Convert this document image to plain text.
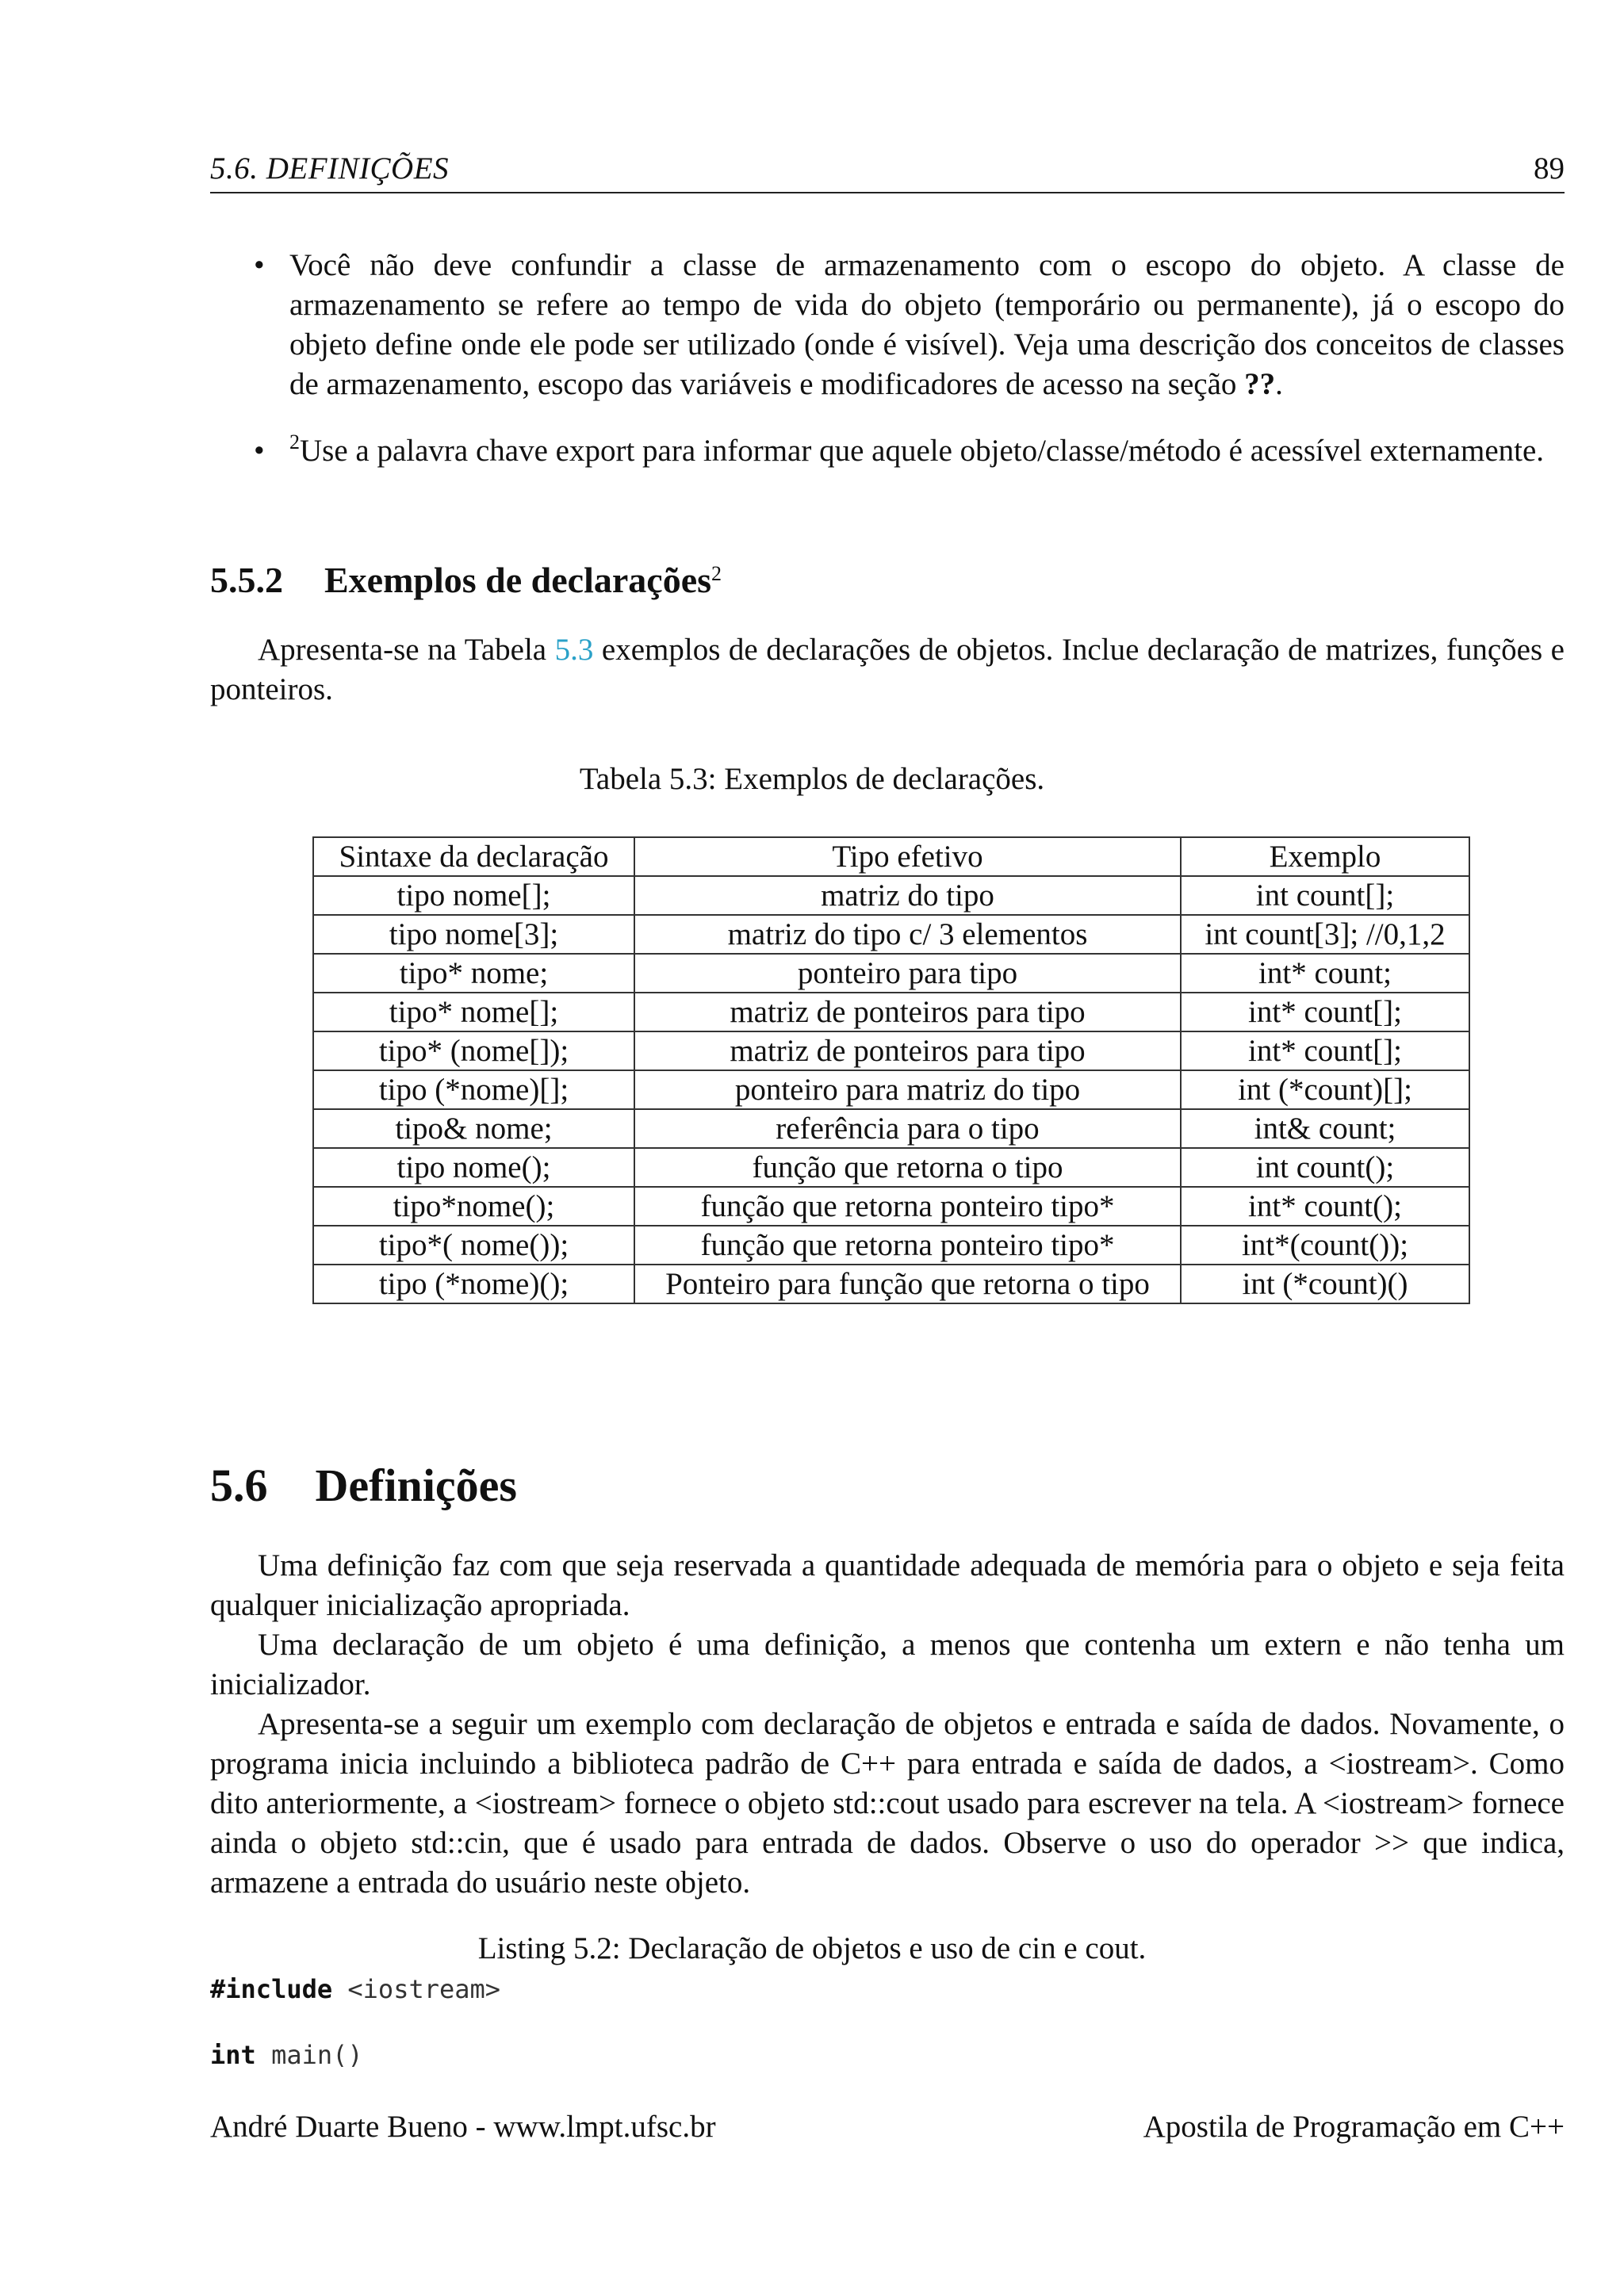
5.6. DEFINIÇÕES	89
• Você não deve confundir a classe de armazenamento com o escopo do objeto. A classe de armazenamento se refere ao tempo de vida do objeto (temporário ou permanente), já o escopo do objeto define onde ele pode ser utilizado (onde é visível). Veja uma descrição dos conceitos de classes de armazenamento, escopo das variáveis e modificadores de acesso na seção ??.
• $^2$Use a palavra chave export para informar que aquele objeto/classe/método é acessível externamente.
5.5.2 Exemplos de declarações$^2$
Apresenta-se na Tabela 5.3 exemplos de declarações de objetos. Inclue declaração de matrizes, funções e ponteiros.
Tabela 5.3: Exemplos de declarações.
Sintaxe da declaração	Tipo efetivo	Exemplo
tipo nome[];	matriz do tipo	int count[];
tipo nome[3];	matriz do tipo c/ 3 elementos	int count[3]; //0,1,2
tipo* nome;	ponteiro para tipo	int* count;
tipo* nome[];	matriz de ponteiros para tipo	int* count[];
tipo* (nome[]);	matriz de ponteiros para tipo	int* count[];
tipo (*nome)[];	ponteiro para matriz do tipo	int (*count)[];
tipo& nome;	referência para o tipo	int& count;
tipo nome();	função que retorna o tipo	int count();
tipo*nome();	função que retorna ponteiro tipo*	int* count();
tipo*( nome());	função que retorna ponteiro tipo*	int*(count());
tipo (*nome)();	Ponteiro para função que retorna o tipo	int (*count)()
5.6 Definições
Uma definição faz com que seja reservada a quantidade adequada de memória para o objeto e seja feita qualquer inicialização apropriada.
Uma declaração de um objeto é uma definição, a menos que contenha um extern e não tenha um inicializador.
Apresenta-se a seguir um exemplo com declaração de objetos e entrada e saída de dados. Novamente, o programa inicia incluindo a biblioteca padrão de C++ para entrada e saída de dados, a <iostream>. Como dito anteriormente, a <iostream> fornece o objeto std::cout usado para escrever na tela. A <iostream> fornece ainda o objeto std::cin, que é usado para entrada de dados. Observe o uso do operador >> que indica, armazene a entrada do usuário neste objeto.
Listing 5.2: Declaração de objetos e uso de cin e cout.
#include <iostream>
int main()
André Duarte Bueno - www.lmpt.ufsc.br	Apostila de Programação em C++
